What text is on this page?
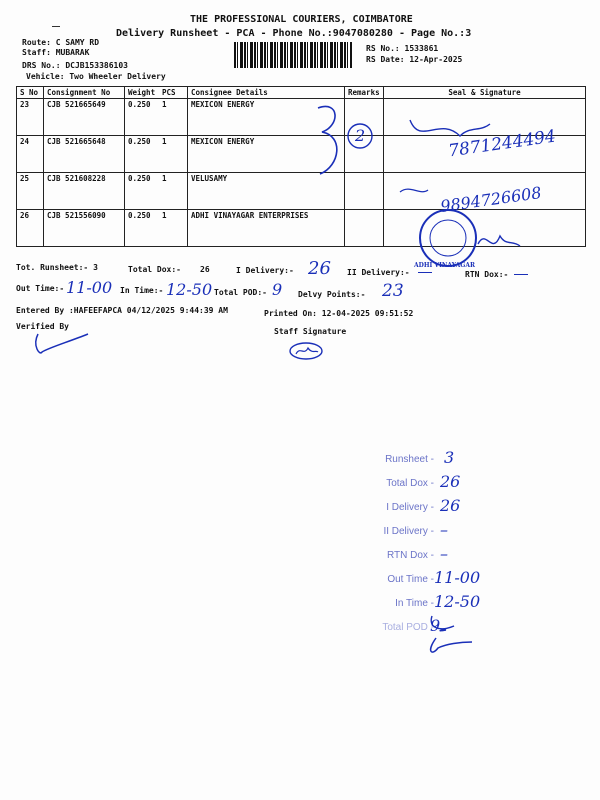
THE PROFESSIONAL COURIERS, COIMBATORE
Delivery Runsheet - PCA - Phone No.:9047080280 - Page No.:3
Route: C SAMY RD
Staff: MUBARAK
DRS No.: DCJB153386103
Vehicle: Two Wheeler Delivery
RS No.: 1533861
RS Date: 12-Apr-2025
S No	Consignment No	Weight	PCS	Consignee Details	Remarks	Seal & Signature
23	CJB 521665649	0.250	1	MEXICON ENERGY		
24	CJB 521665648	0.250	1	MEXICON ENERGY		
25	CJB 521608228	0.250	1	VELUSAMY		
26	CJB 521556090	0.250	1	ADHI VINAYAGAR ENTERPRISES		
2	7871244494
9894726608
ADHI VINAYAGAR
Tot. Runsheet:- 3	Total Dox:- 26	I Delivery:- 26 II Delivery:-	RTN Dox:-
Out Time:- 11-00 In Time:- 12-50 Total POD:- 9 Delvy Points:- 23
Entered By :HAFEEFAPCA 04/12/2025 9:44:39 AM	Printed On: 12-04-2025 09:51:52
Verified By
Staff Signature
Runsheet - 3
Total Dox - 26
I Delivery - 26
II Delivery - –
RTN Dox - –
Out Time - 11-00
In Time - 12-50
Total POD -
9
